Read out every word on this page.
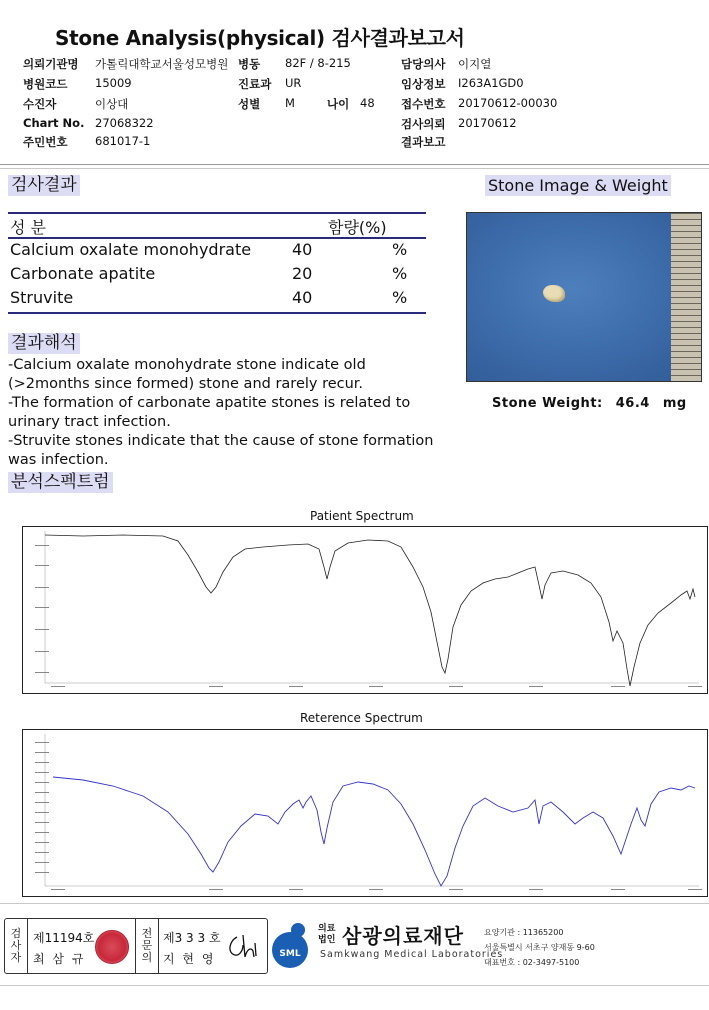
Stone Analysis(physical) 검사결과보고서
의뢰기관명 가톨릭대학교서울성모병원 병동 82F / 8-215	담당의사 이지열
병원코드 15009	진료과 UR	임상정보 I263A1GD0
수진자	이상대	성별 M	나이 48 접수번호 20170612-00030
Chart No. 27068322	검사의뢰 20170612
주민번호 681017-1	결과보고
검사결과
성 분	함량(%)
Calcium oxalate monohydrate	40	%
Carbonate apatite	20	%
Struvite	40	%
결과해석
-Calcium oxalate monohydrate stone indicate old
(>2months since formed) stone and rarely recur.
-The formation of carbonate apatite stones is related to
urinary tract infection.
-Struvite stones indicate that the cause of stone formation
was infection.
Stone Image & Weight
Stone Weight: 46.4 mg
분석스펙트럼
Patient Spectrum
Reterence Spectrum
검
사
자
제11194호
최 삼 규
전
문
의
제3 3 3 호
지 현 영	SML
의료
법인 삼광의료재단
Samkwang Medical Laboratories
요양기관 : 11365200
서울특별시 서초구 양재동 9-60
대표번호 : 02-3497-5100
